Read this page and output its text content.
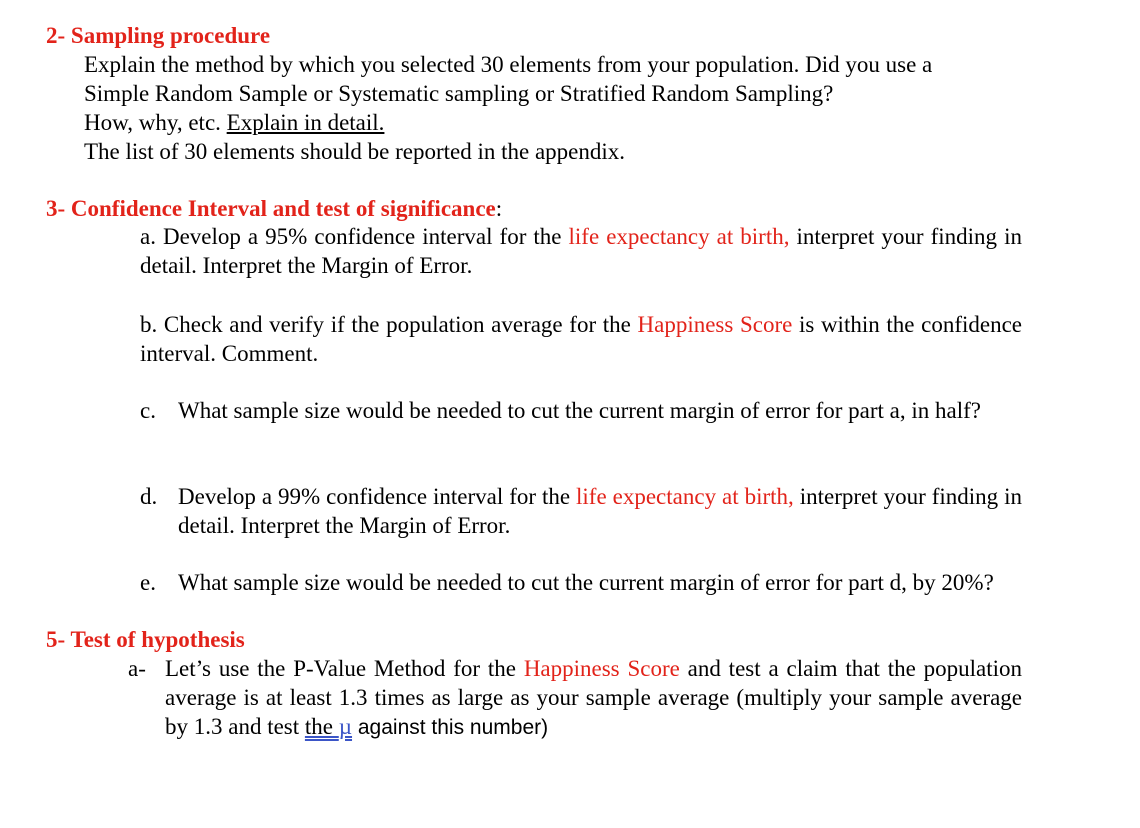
2- Sampling procedure
Explain the method by which you selected 30 elements from your population. Did you use a
Simple Random Sample or Systematic sampling or Stratified Random Sampling?
How, why, etc. Explain in detail.
The list of 30 elements should be reported in the appendix.
3- Confidence Interval and test of significance:
a. Develop a 95% confidence interval for the life expectancy at birth, interpret your finding in detail. Interpret the Margin of Error.
b. Check and verify if the population average for the Happiness Score is within the confidence interval. Comment.
c. What sample size would be needed to cut the current margin of error for part a, in half?
d. Develop a 99% confidence interval for the life expectancy at birth, interpret your finding in detail. Interpret the Margin of Error.
e. What sample size would be needed to cut the current margin of error for part d, by 20%?
5- Test of hypothesis
a- Let’s use the P-Value Method for the Happiness Score and test a claim that the population average is at least 1.3 times as large as your sample average (multiply your sample average by 1.3 and test the µ against this number)
